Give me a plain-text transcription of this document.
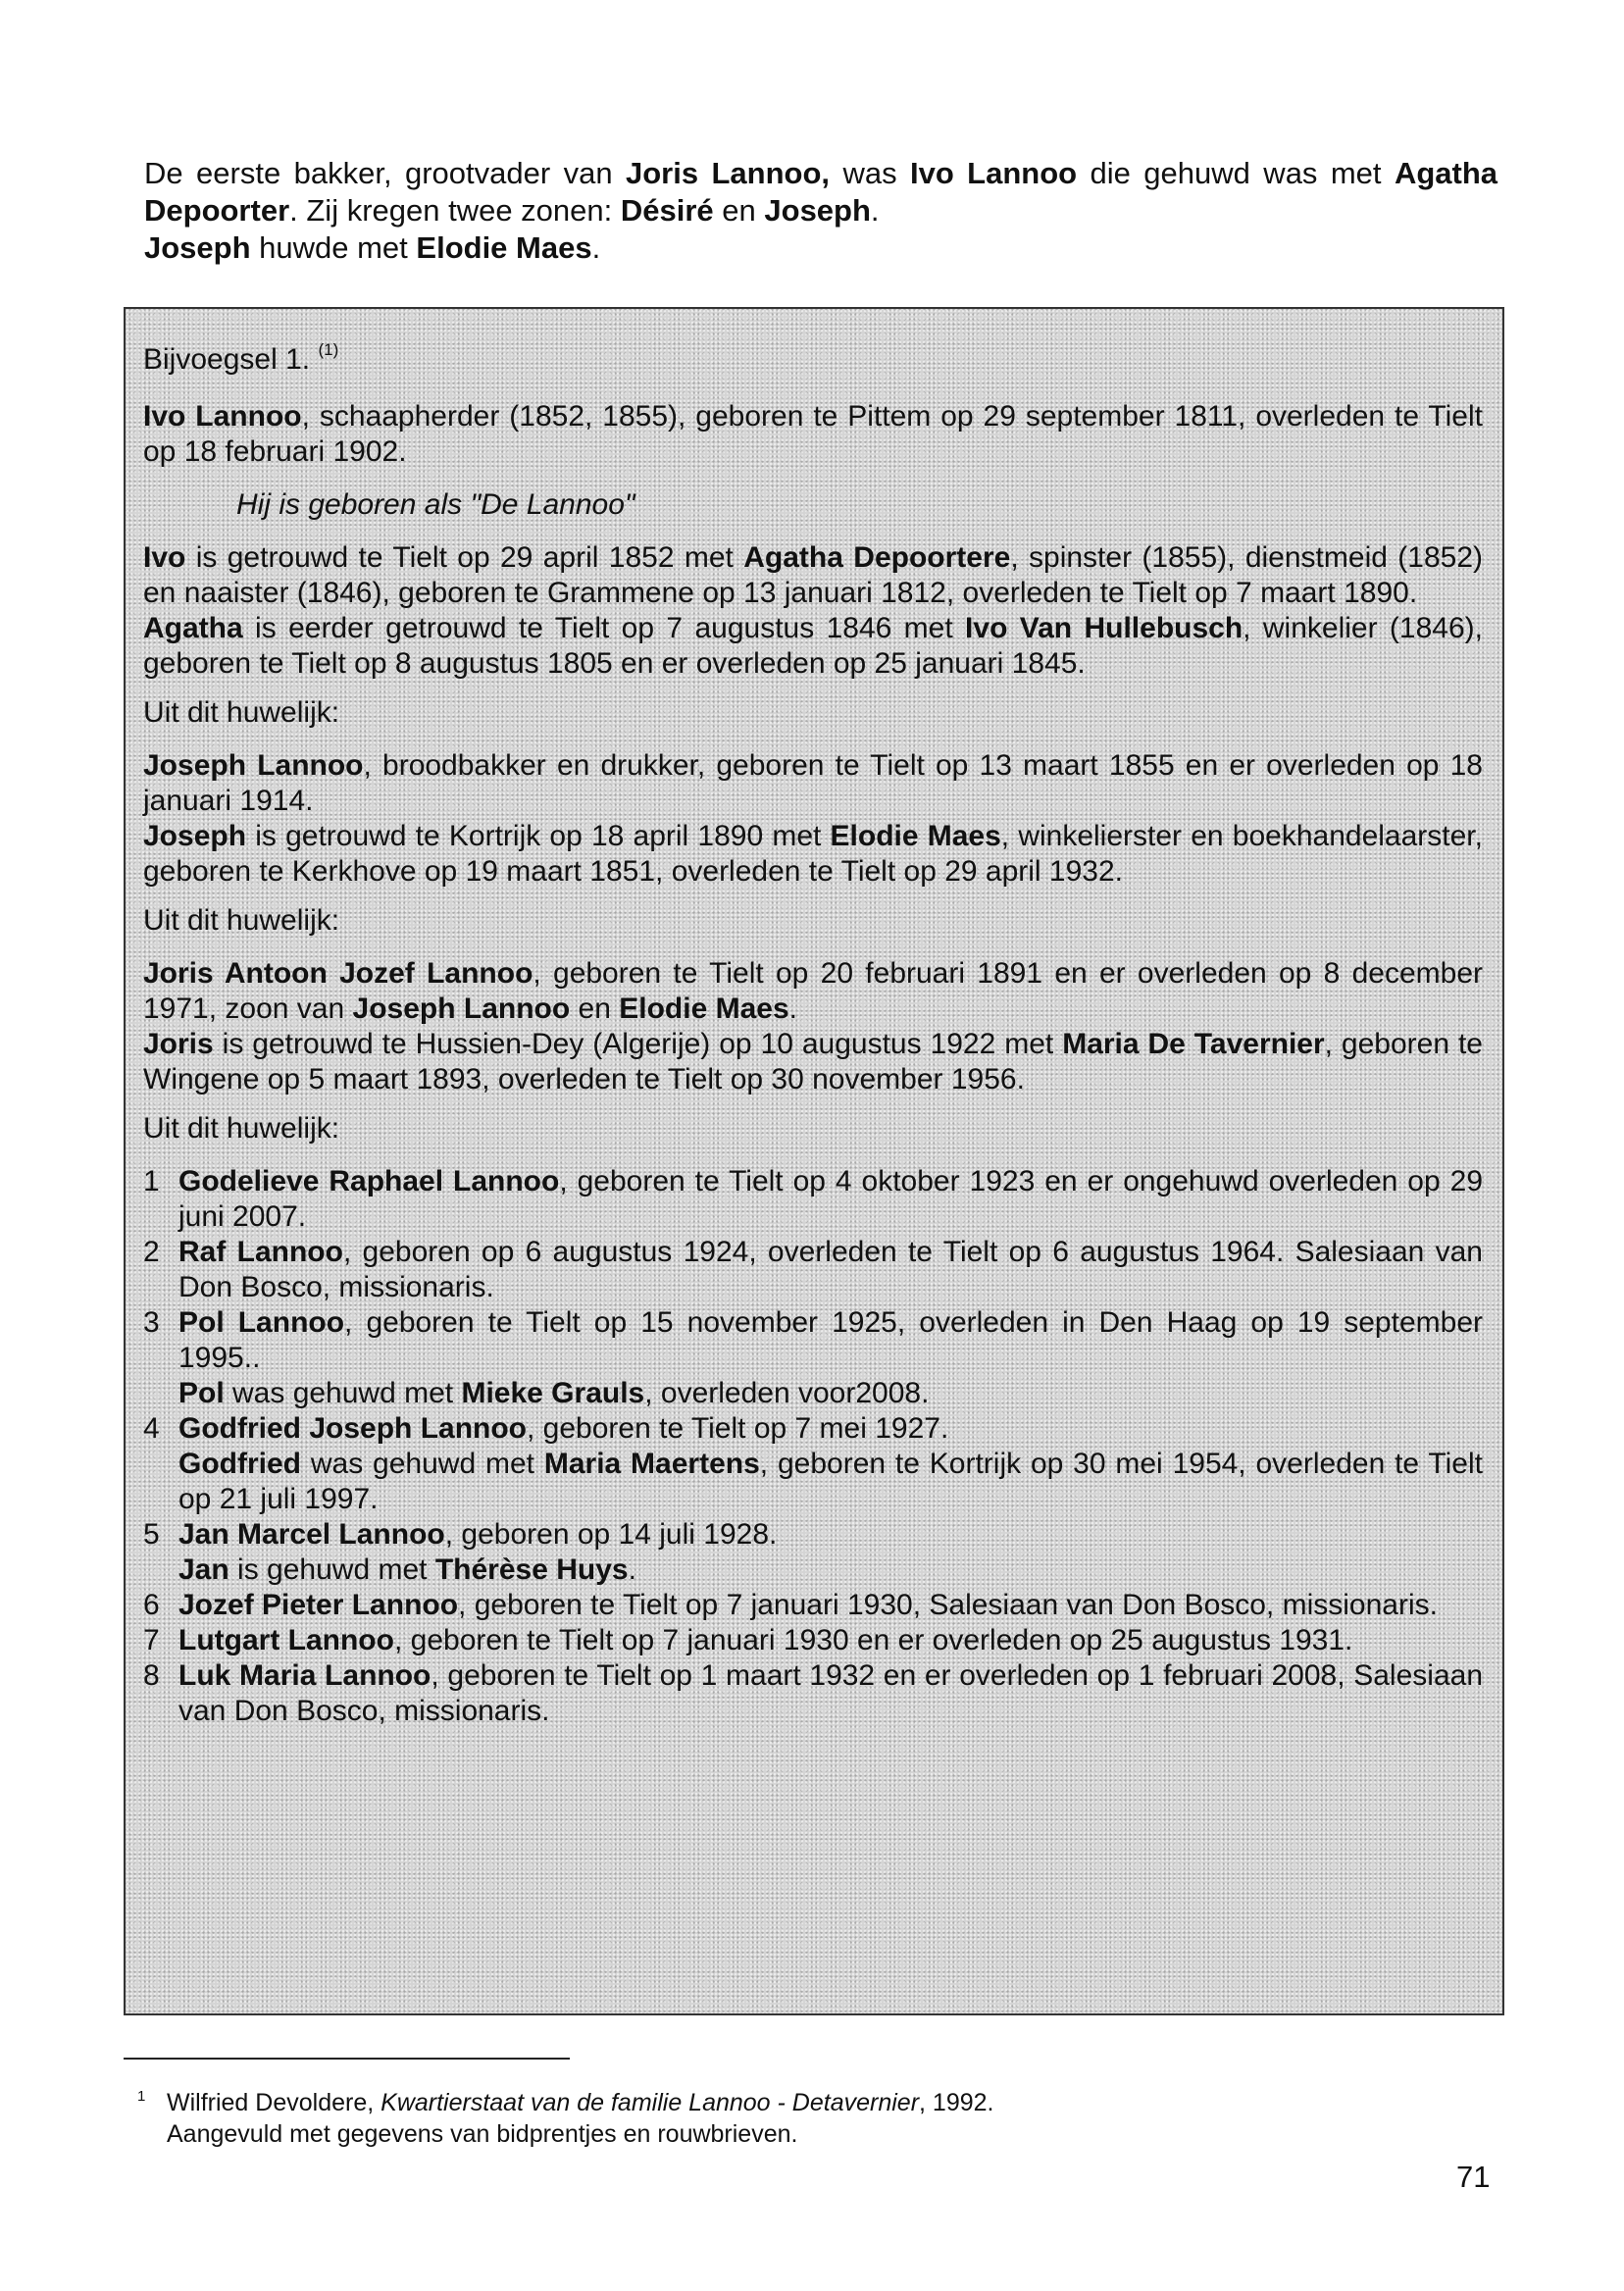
De eerste bakker, grootvader van Joris Lannoo, was Ivo Lannoo die gehuwd was met Agatha Depoorter. Zij kregen twee zonen: Désiré en Joseph.

Joseph huwde met Elodie Maes.

Bijvoegsel 1. $^{(1)}$

Ivo Lannoo, schaapherder (1852, 1855), geboren te Pittem op 29 september 1811, overleden te Tielt op 18 februari 1902.

Hij is geboren als "De Lannoo"

Ivo is getrouwd te Tielt op 29 april 1852 met Agatha Depoortere, spinster (1855), dienstmeid (1852) en naaister (1846), geboren te Grammene op 13 januari 1812, overleden te Tielt op 7 maart 1890.

Agatha is eerder getrouwd te Tielt op 7 augustus 1846 met Ivo Van Hullebusch, winkelier (1846), geboren te Tielt op 8 augustus 1805 en er overleden op 25 januari 1845.

Uit dit huwelijk:

Joseph Lannoo, broodbakker en drukker, geboren te Tielt op 13 maart 1855 en er overleden op 18 januari 1914.

Joseph is getrouwd te Kortrijk op 18 april 1890 met Elodie Maes, winkelierster en boekhandelaarster, geboren te Kerkhove op 19 maart 1851, overleden te Tielt op 29 april 1932.

Uit dit huwelijk:

Joris Antoon Jozef Lannoo, geboren te Tielt op 20 februari 1891 en er overleden op 8 december 1971, zoon van Joseph Lannoo en Elodie Maes.

Joris is getrouwd te Hussien-Dey (Algerije) op 10 augustus 1922 met Maria De Tavernier, geboren te Wingene op 5 maart 1893, overleden te Tielt op 30 november 1956.

Uit dit huwelijk:

1 Godelieve Raphael Lannoo, geboren te Tielt op 4 oktober 1923 en er ongehuwd overleden op 29 juni 2007.
2 Raf Lannoo, geboren op 6 augustus 1924, overleden te Tielt op 6 augustus 1964. Salesiaan van Don Bosco, missionaris.
3 Pol Lannoo, geboren te Tielt op 15 november 1925, overleden in Den Haag op 19 september 1995..
Pol was gehuwd met Mieke Grauls, overleden voor2008.
4 Godfried Joseph Lannoo, geboren te Tielt op 7 mei 1927.
Godfried was gehuwd met Maria Maertens, geboren te Kortrijk op 30 mei 1954, overleden te Tielt op 21 juli 1997.
5 Jan Marcel Lannoo, geboren op 14 juli 1928.
Jan is gehuwd met Thérèse Huys.
6 Jozef Pieter Lannoo, geboren te Tielt op 7 januari 1930, Salesiaan van Don Bosco, missionaris.
7 Lutgart Lannoo, geboren te Tielt op 7 januari 1930 en er overleden op 25 augustus 1931.
8 Luk Maria Lannoo, geboren te Tielt op 1 maart 1932 en er overleden op 1 februari 2008, Salesiaan van Don Bosco, missionaris.
1 Wilfried Devoldere, Kwartierstaat van de familie Lannoo - Detavernier, 1992.
Aangevuld met gegevens van bidprentjes en rouwbrieven.
71
